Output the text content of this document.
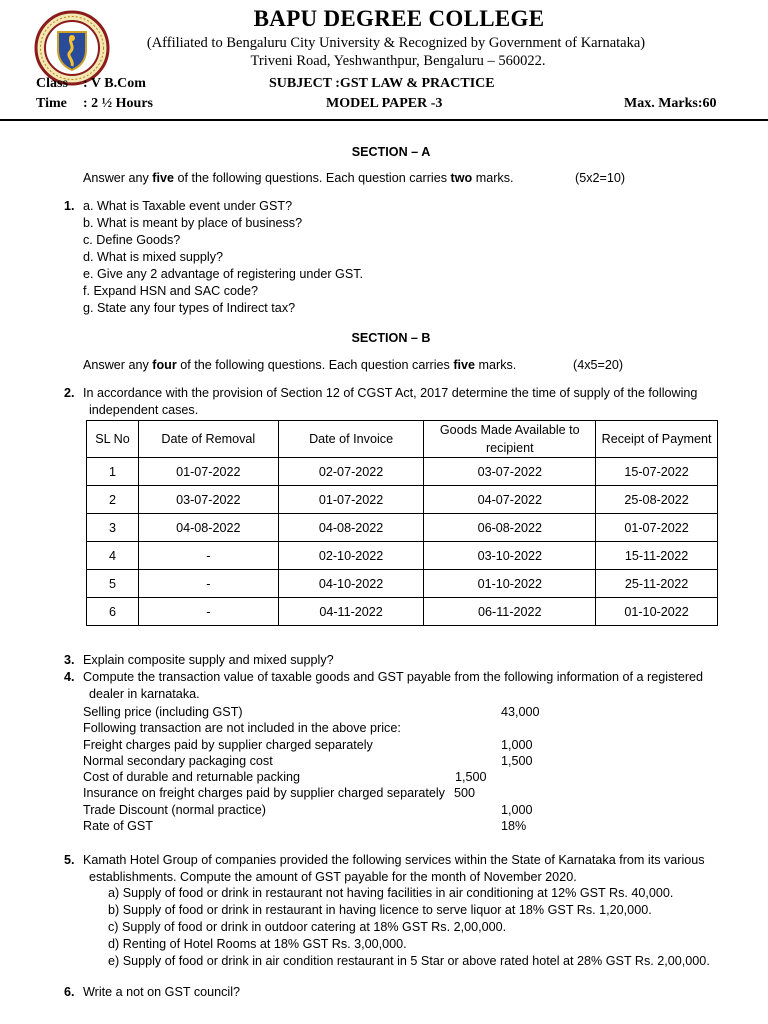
BAPU DEGREE COLLEGE
(Affiliated to Bengaluru City University & Recognized by Government of Karnataka)
Triveni Road, Yeshwanthpur, Bengaluru – 560022.
Class : V B.Com
Time : 2 ½ Hours
SUBJECT :GST LAW & PRACTICE
MODEL PAPER -3	Max. Marks:60
SECTION – A
Answer any five of the following questions. Each question carries two marks.	(5x2=10)
1. a. What is Taxable event under GST?
b. What is meant by place of business?
c. Define Goods?
d. What is mixed supply?
e. Give any 2 advantage of registering under GST.
f. Expand HSN and SAC code?
g. State any four types of Indirect tax?
SECTION – B
Answer any four of the following questions. Each question carries five marks.	(4x5=20)
2. In accordance with the provision of Section 12 of CGST Act, 2017 determine the time of supply of the following
independent cases.
SL No	Date of Removal	Date of Invoice	Goods Made Available to recipient	Receipt of Payment
1	01-07-2022	02-07-2022	03-07-2022	15-07-2022
2	03-07-2022	01-07-2022	04-07-2022	25-08-2022
3	04-08-2022	04-08-2022	06-08-2022	01-07-2022
4	-	02-10-2022	03-10-2022	15-11-2022
5	-	04-10-2022	01-10-2022	25-11-2022
6	-	04-11-2022	06-11-2022	01-10-2022
3. Explain composite supply and mixed supply?
4. Compute the transaction value of taxable goods and GST payable from the following information of a registered
dealer in karnataka.
Selling price (including GST)	43,000
Following transaction are not included in the above price:
Freight charges paid by supplier charged separately	1,000
Normal secondary packaging cost	1,500
Cost of durable and returnable packing	1,500
Insurance on freight charges paid by supplier charged separately 500
Trade Discount (normal practice)	1,000
Rate of GST	18%
5. Kamath Hotel Group of companies provided the following services within the State of Karnataka from its various
establishments. Compute the amount of GST payable for the month of November 2020.
a) Supply of food or drink in restaurant not having facilities in air conditioning at 12% GST Rs. 40,000.
b) Supply of food or drink in restaurant in having licence to serve liquor at 18% GST Rs. 1,20,000.
c) Supply of food or drink in outdoor catering at 18% GST Rs. 2,00,000.
d) Renting of Hotel Rooms at 18% GST Rs. 3,00,000.
e) Supply of food or drink in air condition restaurant in 5 Star or above rated hotel at 28% GST Rs. 2,00,000.
6. Write a not on GST council?
